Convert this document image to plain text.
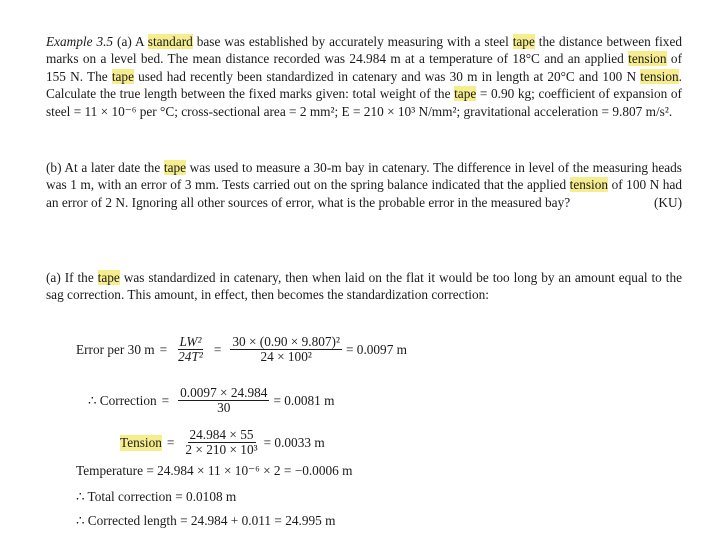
Example 3.5 (a) A standard base was established by accurately measuring with a steel tape the distance between fixed marks on a level bed. The mean distance recorded was 24.984 m at a temperature of 18°C and an applied tension of 155 N. The tape used had recently been standardized in catenary and was 30 m in length at 20°C and 100 N tension. Calculate the true length between the fixed marks given: total weight of the tape = 0.90 kg; coefficient of expansion of steel = 11 × 10⁻⁶ per °C; cross-sectional area = 2 mm²; E = 210 × 10³ N/mm²; gravitational acceleration = 9.807 m/s².
(b) At a later date the tape was used to measure a 30-m bay in catenary. The difference in level of the measuring heads was 1 m, with an error of 3 mm. Tests carried out on the spring balance indicated that the applied tension of 100 N had an error of 2 N. Ignoring all other sources of error, what is the probable error in the measured bay?	(KU)
(a) If the tape was standardized in catenary, then when laid on the flat it would be too long by an amount equal to the sag correction. This amount, in effect, then becomes the standardization correction:
Error per 30 $m = \frac{\text{LW²}}{\text{24T²}} = \frac{\text{30 × (0.90 × 9.807)²}}{\text{24 × 100²}} = 0.0097$ m
∴ Correction = $\frac{0.0097 \times 24.984}{30} = 0.0081$ m
Tension = $\frac{24.984 \times 55}{\text{2 × 210 × 10³}} = 0.0033$ m
Temperature = 24.984 × 11 × 10⁻⁶ × 2 = −0.0006 m
∴ Total correction = 0.0108 m
∴ Corrected length = 24.984 + 0.011 = 24.995 m
